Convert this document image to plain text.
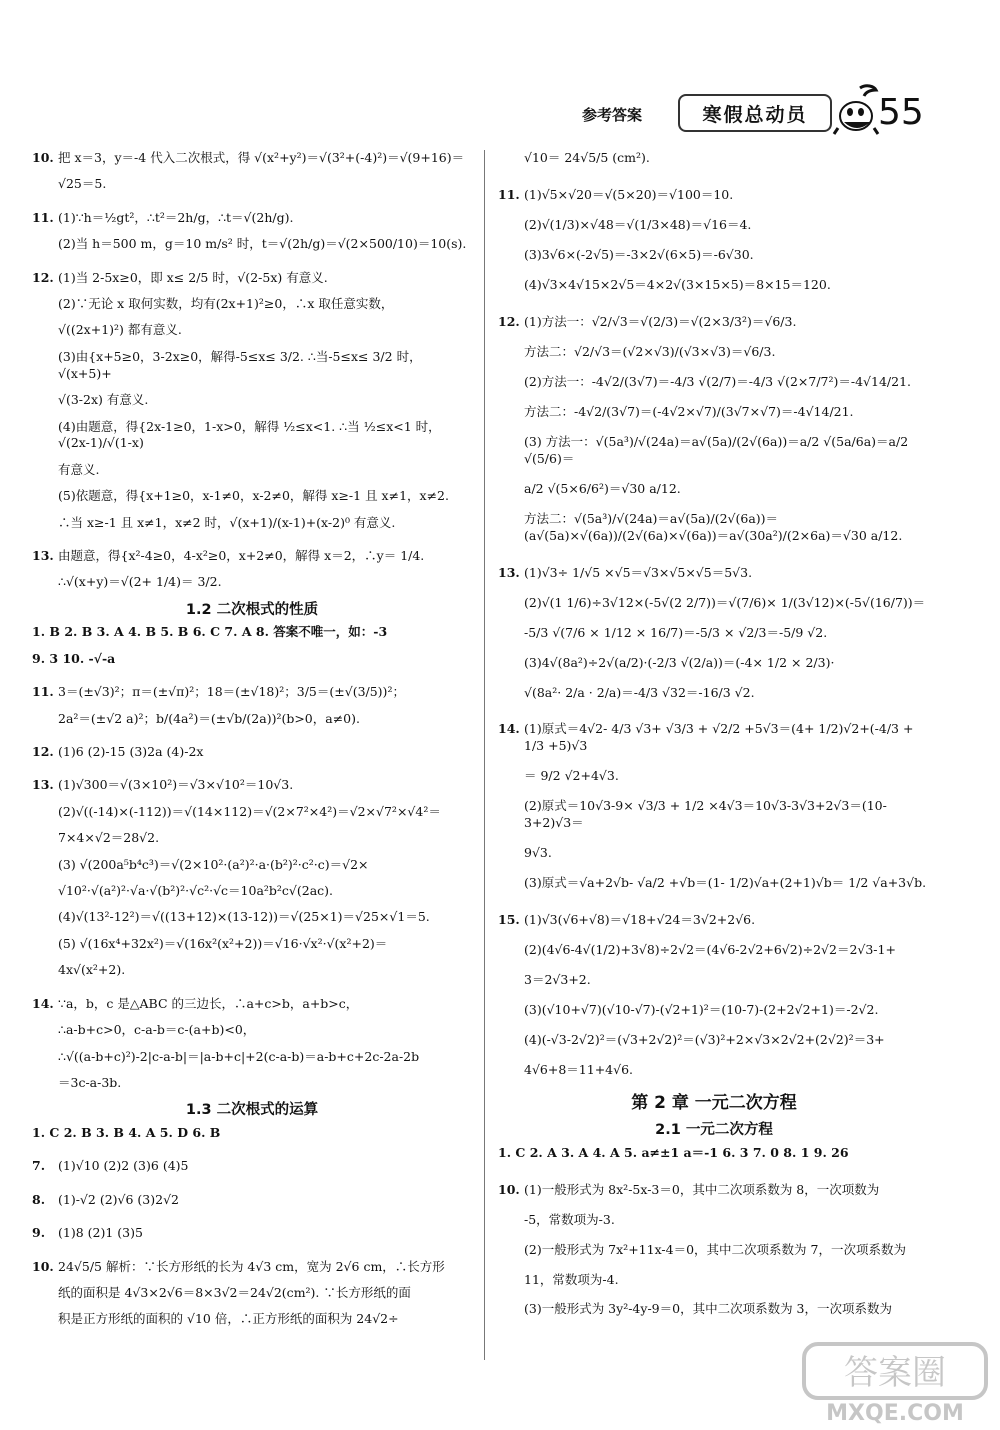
参考答案	寒假总动员 55
10. 把 x＝3，y＝-4 代入二次根式，得 √(x²+y²)＝√(3²+(-4)²)＝√(9+16)＝
√25＝5.
11. (1)∵h＝½gt²，∴t²＝2h/g，∴t＝√(2h/g).
(2)当 h＝500 m，g＝10 m/s² 时，t＝√(2h/g)＝√(2×500/10)＝10(s).
12. (1)当 2-5x≥0，即 x≤ 2/5 时，√(2-5x) 有意义.
(2)∵无论 x 取何实数，均有(2x+1)²≥0，∴x 取任意实数，
√((2x+1)²) 都有意义.
(3)由{x+5≥0，3-2x≥0，解得-5≤x≤ 3/2. ∴当-5≤x≤ 3/2 时，√(x+5)+
√(3-2x) 有意义.
(4)由题意，得{2x-1≥0，1-x>0，解得 ½≤x<1. ∴当 ½≤x<1 时，√(2x-1)/√(1-x)
有意义.
(5)依题意，得{x+1≥0，x-1≠0，x-2≠0，解得 x≥-1 且 x≠1，x≠2.
∴当 x≥-1 且 x≠1，x≠2 时，√(x+1)/(x-1)+(x-2)⁰ 有意义.
13. 由题意，得{x²-4≥0，4-x²≥0，x+2≠0，解得 x＝2，∴y＝ 1/4.
∴√(x+y)＝√(2+ 1/4)＝ 3/2.
1.2 二次根式的性质
1. B 2. B 3. A 4. B 5. B 6. C 7. A 8. 答案不唯一，如：-3
9. 3 10. -√-a
11. 3＝(±√3)²；π＝(±√π)²；18＝(±√18)²；3/5＝(±√(3/5))²；
2a²＝(±√2 a)²；b/(4a²)＝(±√b/(2a))²(b>0，a≠0).
12. (1)6 (2)-15 (3)2a (4)-2x
13. (1)√300＝√(3×10²)＝√3×√10²＝10√3.
(2)√((-14)×(-112))＝√(14×112)＝√(2×7²×4²)＝√2×√7²×√4²＝
7×4×√2＝28√2.
(3) √(200a⁵b⁴c³)＝√(2×10²·(a²)²·a·(b²)²·c²·c)＝√2×
√10²·√(a²)²·√a·√(b²)²·√c²·√c＝10a²b²c√(2ac).
(4)√(13²-12²)＝√((13+12)×(13-12))＝√(25×1)＝√25×√1＝5.
(5) √(16x⁴+32x²)＝√(16x²(x²+2))＝√16·√x²·√(x²+2)＝
4x√(x²+2).
14. ∵a，b，c 是△ABC 的三边长，∴a+c>b，a+b>c，
∴a-b+c>0，c-a-b＝c-(a+b)<0，
∴√((a-b+c)²)-2|c-a-b|＝|a-b+c|+2(c-a-b)＝a-b+c+2c-2a-2b
＝3c-a-3b.
1.3 二次根式的运算
1. C 2. B 3. B 4. A 5. D 6. B
7.	(1)√10 (2)2 (3)6 (4)5
8.	(1)-√2 (2)√6 (3)2√2
9.	(1)8 (2)1 (3)5
10. 24√5/5 解析：∵长方形纸的长为 4√3 cm，宽为 2√6 cm，∴长方形
纸的面积是 4√3×2√6＝8×3√2＝24√2(cm²). ∵长方形纸的面
积是正方形纸的面积的 √10 倍，∴正方形纸的面积为 24√2÷
√10＝ 24√5/5 (cm²).
11. (1)√5×√20＝√(5×20)＝√100＝10.
(2)√(1/3)×√48＝√(1/3×48)＝√16＝4.
(3)3√6×(-2√5)＝-3×2√(6×5)＝-6√30.
(4)√3×4√15×2√5＝4×2√(3×15×5)＝8×15＝120.
12. (1)方法一：√2/√3＝√(2/3)＝√(2×3/3²)＝√6/3.
方法二：√2/√3＝(√2×√3)/(√3×√3)＝√6/3.
(2)方法一：-4√2/(3√7)＝-4/3 √(2/7)＝-4/3 √(2×7/7²)＝-4√14/21.
方法二：-4√2/(3√7)＝(-4√2×√7)/(3√7×√7)＝-4√14/21.
(3) 方法一：√(5a³)/√(24a)＝a√(5a)/(2√(6a))＝a/2 √(5a/6a)＝a/2 √(5/6)＝
a/2 √(5×6/6²)＝√30 a/12.
方法二：√(5a³)/√(24a)＝a√(5a)/(2√(6a))＝(a√(5a)×√(6a))/(2√(6a)×√(6a))＝a√(30a²)/(2×6a)＝√30 a/12.
13. (1)√3÷ 1/√5 ×√5＝√3×√5×√5＝5√3.
(2)√(1 1/6)÷3√12×(-5√(2 2/7))＝√(7/6)× 1/(3√12)×(-5√(16/7))＝
-5/3 √(7/6 × 1/12 × 16/7)＝-5/3 × √2/3＝-5/9 √2.
(3)4√(8a²)÷2√(a/2)·(-2/3 √(2/a))＝(-4× 1/2 × 2/3)·
√(8a²· 2/a · 2/a)＝-4/3 √32＝-16/3 √2.
14. (1)原式＝4√2- 4/3 √3+ √3/3 + √2/2 +5√3＝(4+ 1/2)√2+(-4/3 + 1/3 +5)√3
＝ 9/2 √2+4√3.
(2)原式＝10√3-9× √3/3 + 1/2 ×4√3＝10√3-3√3+2√3＝(10-3+2)√3＝
9√3.
(3)原式＝√a+2√b- √a/2 +√b＝(1- 1/2)√a+(2+1)√b＝ 1/2 √a+3√b.
15. (1)√3(√6+√8)＝√18+√24＝3√2+2√6.
(2)(4√6-4√(1/2)+3√8)÷2√2＝(4√6-2√2+6√2)÷2√2＝2√3-1+
3＝2√3+2.
(3)(√10+√7)(√10-√7)-(√2+1)²＝(10-7)-(2+2√2+1)＝-2√2.
(4)(-√3-2√2)²＝(√3+2√2)²＝(√3)²+2×√3×2√2+(2√2)²＝3+
4√6+8＝11+4√6.
第 2 章 一元二次方程
2.1 一元二次方程
1. C 2. A 3. A 4. A 5. a≠±1 a＝-1 6. 3 7. 0 8. 1 9. 26
10. (1)一般形式为 8x²-5x-3＝0，其中二次项系数为 8，一次项数为
-5，常数项为-3.
(2)一般形式为 7x²+11x-4＝0，其中二次项系数为 7，一次项系数为
11，常数项为-4.
(3)一般形式为 3y²-4y-9＝0，其中二次项系数为 3，一次项系数为
答案圈
MXQE.COM
